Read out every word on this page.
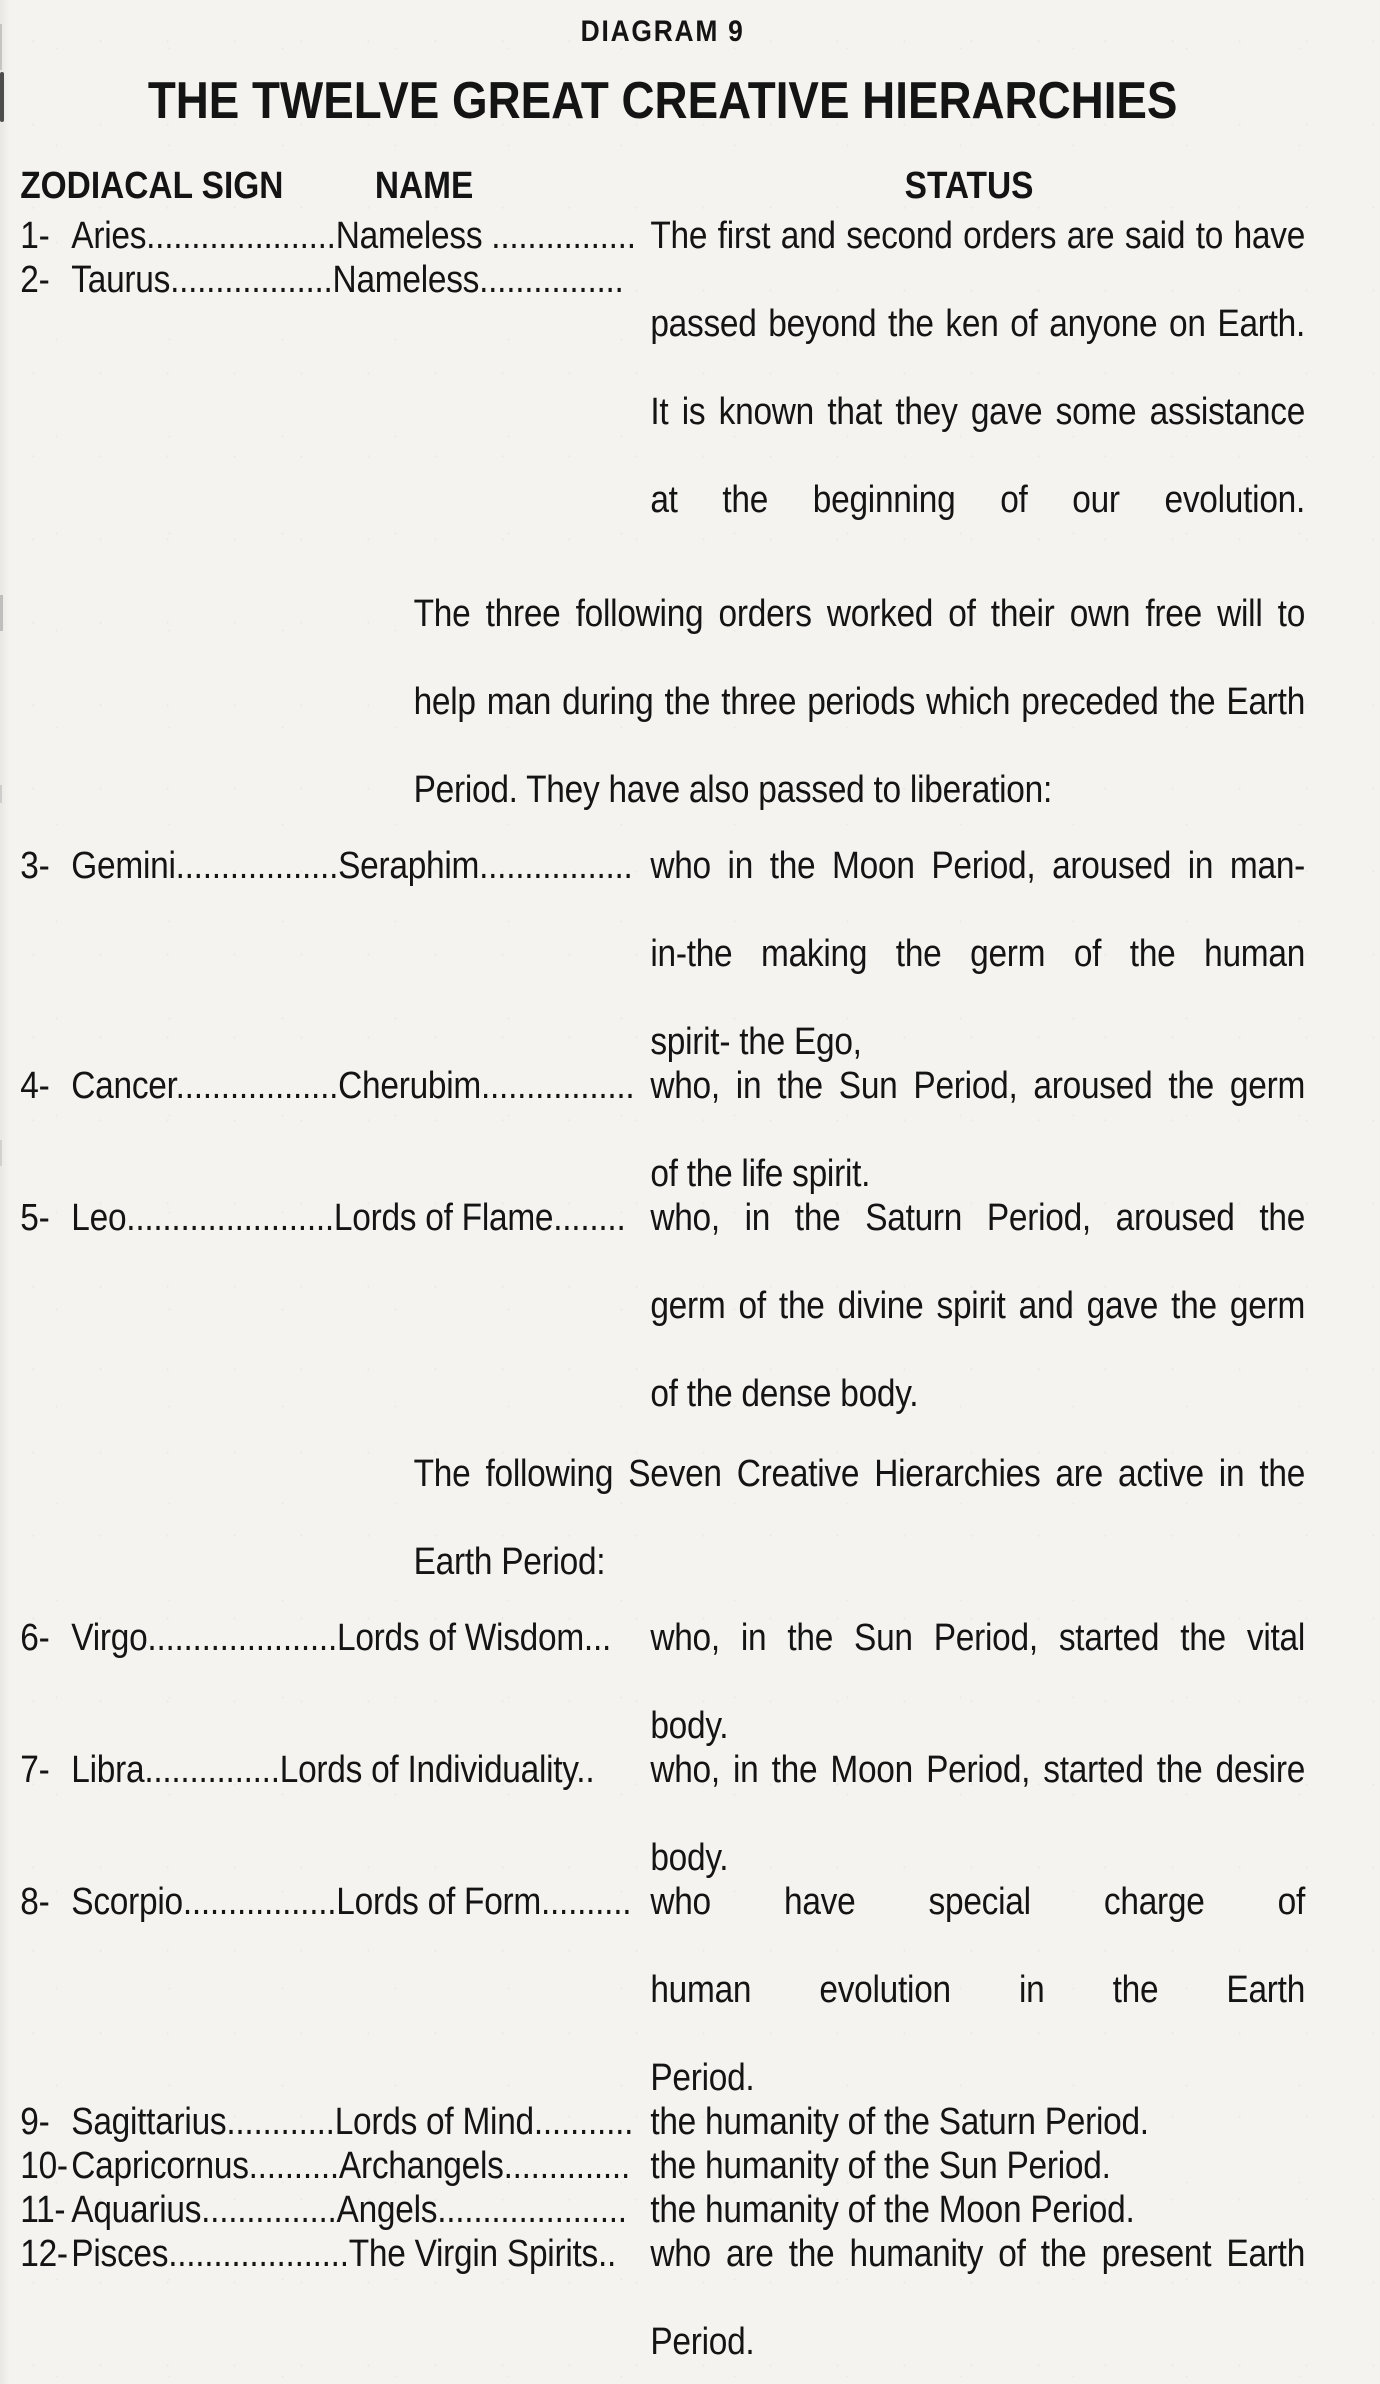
DIAGRAM 9
THE TWELVE GREAT CREATIVE HIERARCHIES
ZODIACAL SIGN NAME	STATUS
1- Aries.....................Nameless ................
2- Taurus..................Nameless................
The first and second orders are said to have
passed beyond the ken of anyone on Earth.
It is known that they gave some assistance
at the beginning of our evolution.
The three following orders worked of their own free will to
help man during the three periods which preceded the Earth
Period. They have also passed to liberation:
3- Gemini..................Seraphim................. who in the Moon Period, aroused in man-
in-the making the germ of the human
spirit- the Ego,
4- Cancer..................Cherubim................. who, in the Sun Period, aroused the germ
of the life spirit.
5- Leo.......................Lords of Flame........ who, in the Saturn Period, aroused the
germ of the divine spirit and gave the germ
of the dense body.
The following Seven Creative Hierarchies are active in the
Earth Period:
6- Virgo.....................Lords of Wisdom...	who, in the Sun Period, started the vital
body.
7- Libra...............Lords of Individuality..	who, in the Moon Period, started the desire
body.
8- Scorpio.................Lords of Form.......... who have special charge of
human evolution in the Earth
Period.
9- Sagittarius............Lords of Mind........... the humanity of the Saturn Period.
10- Capricornus..........Archangels.............. the humanity of the Sun Period.
11- Aquarius...............Angels..................... the humanity of the Moon Period.
12- Pisces....................The Virgin Spirits.. who are the humanity of the present Earth
Period.
